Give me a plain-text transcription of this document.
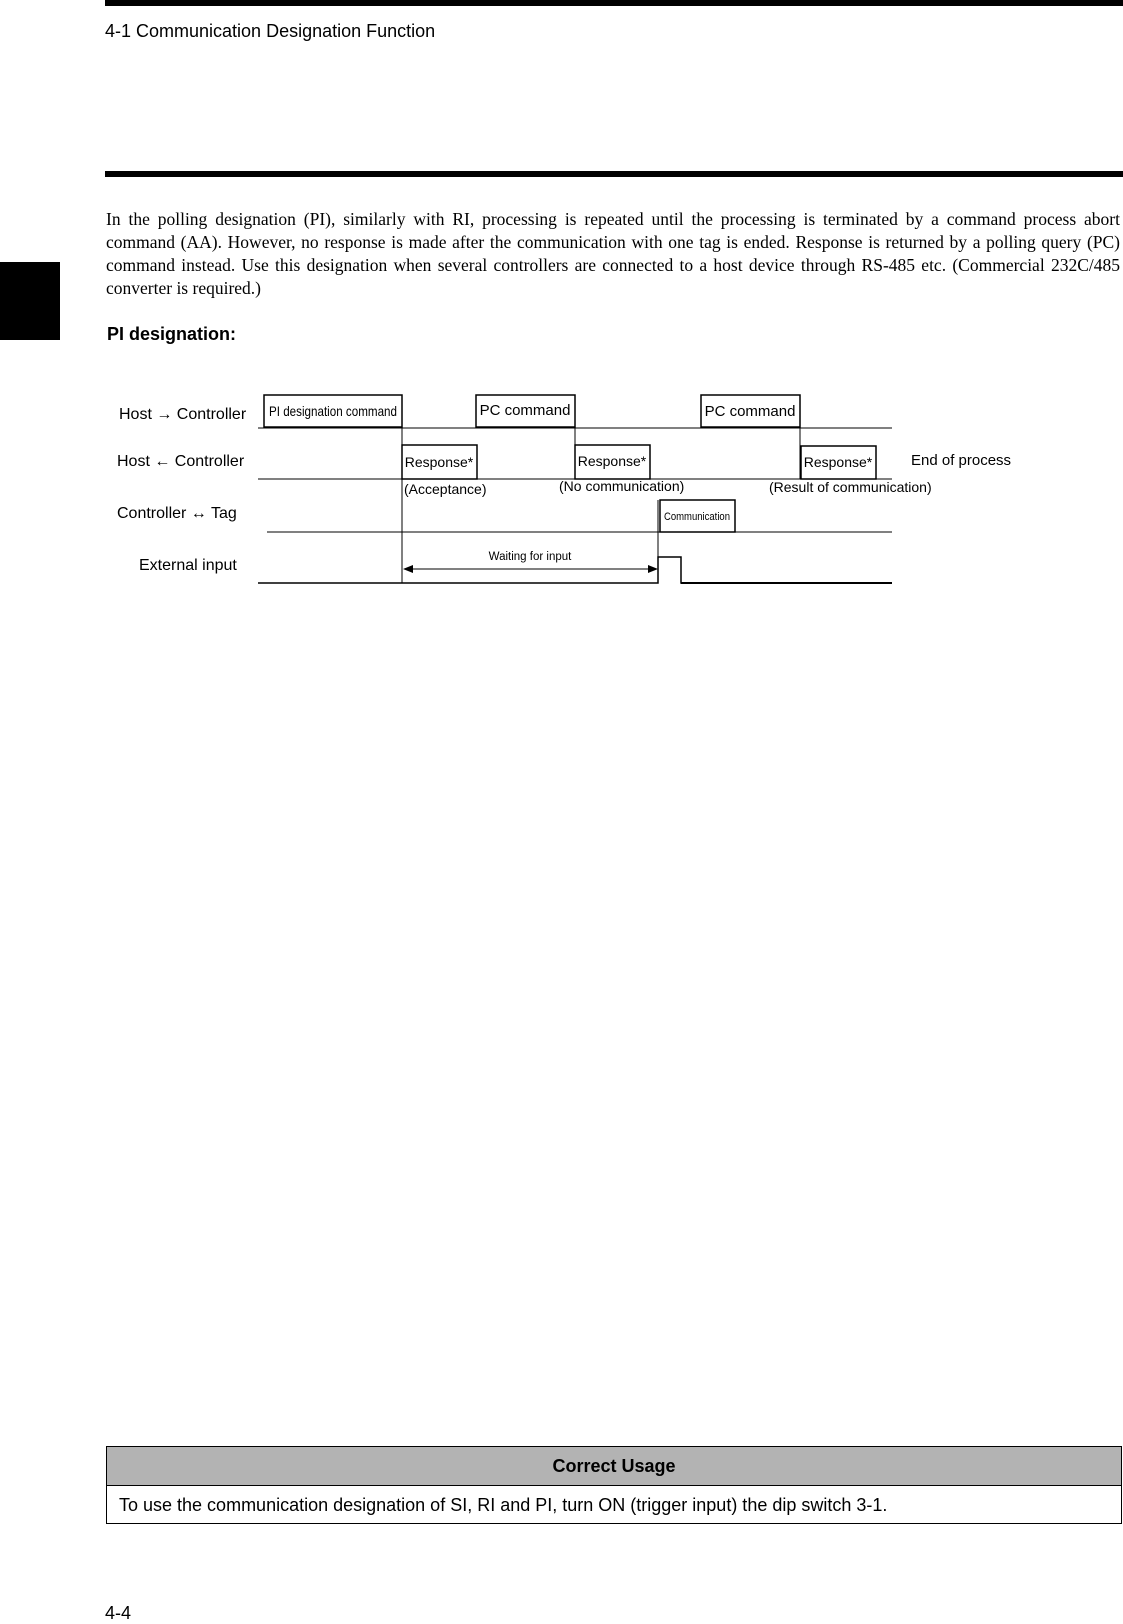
4-1 Communication Designation Function

In the polling designation (PI), similarly with RI, processing is repeated until the processing is terminated by a command process abort command (AA). However, no response is made after the communication with one tag is ended. Response is returned by a polling query (PC) command instead. Use this designation when several controllers are connected to a host device through RS-485 etc. (Commercial 232C/485 converter is required.)

PI designation:
Host → Controller
Host ← Controller
Controller ↔ Tag
External input
PI designation command	PC command	PC command
Response*	Response*	Response*
(Acceptance)	(No communication)	(Result of communication)
End of process
Communication
Waiting for input
Correct Usage
To use the communication designation of SI, RI and PI, turn ON (trigger input) the dip switch 3-1.
4-4
